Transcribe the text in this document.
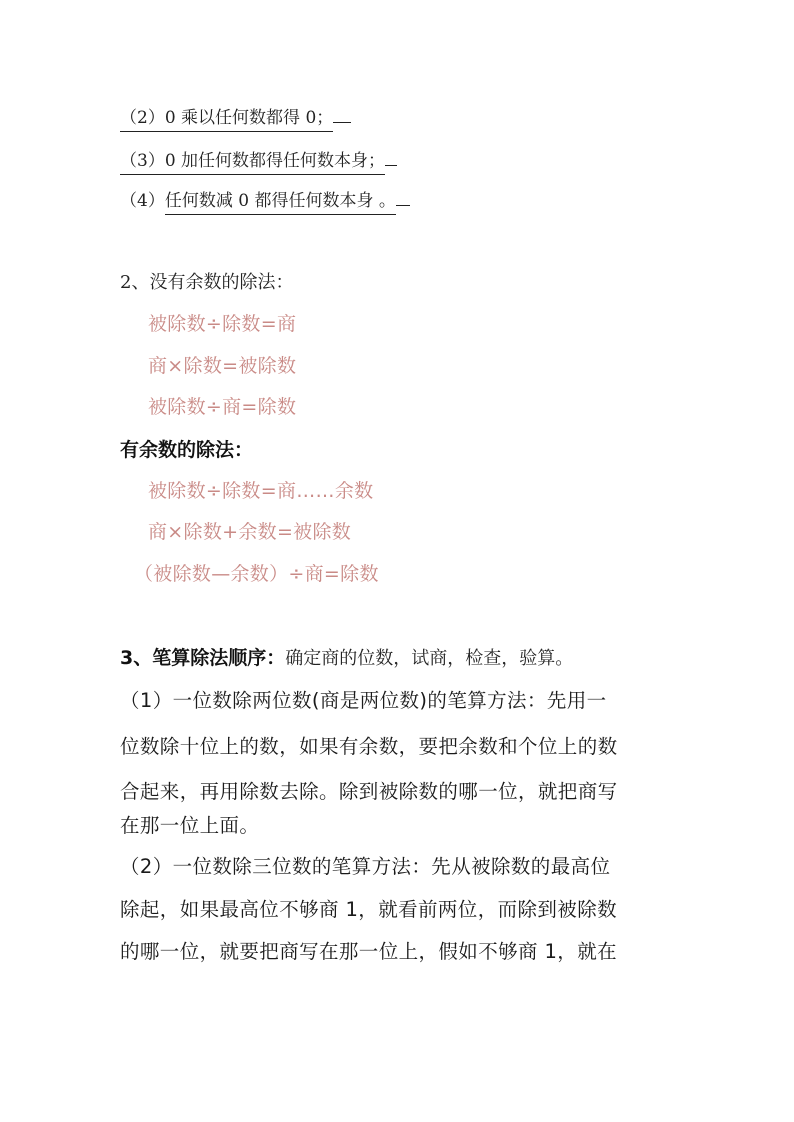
（2）0 乘以任何数都得 0；
（3）0 加任何数都得任何数本身；
（4）任何数减 0 都得任何数本身 。
2、没有余数的除法：
被除数÷除数=商
商×除数=被除数
被除数÷商=除数
有余数的除法：
被除数÷除数=商……余数
商×除数+余数=被除数
（被除数—余数）÷商=除数
3、笔算除法顺序：确定商的位数，试商，检查，验算。
（1）一位数除两位数(商是两位数)的笔算方法：先用一
位数除十位上的数，如果有余数，要把余数和个位上的数
合起来，再用除数去除。除到被除数的哪一位，就把商写
在那一位上面。
（2）一位数除三位数的笔算方法：先从被除数的最高位
除起，如果最高位不够商 1，就看前两位，而除到被除数
的哪一位，就要把商写在那一位上，假如不够商 1，就在
